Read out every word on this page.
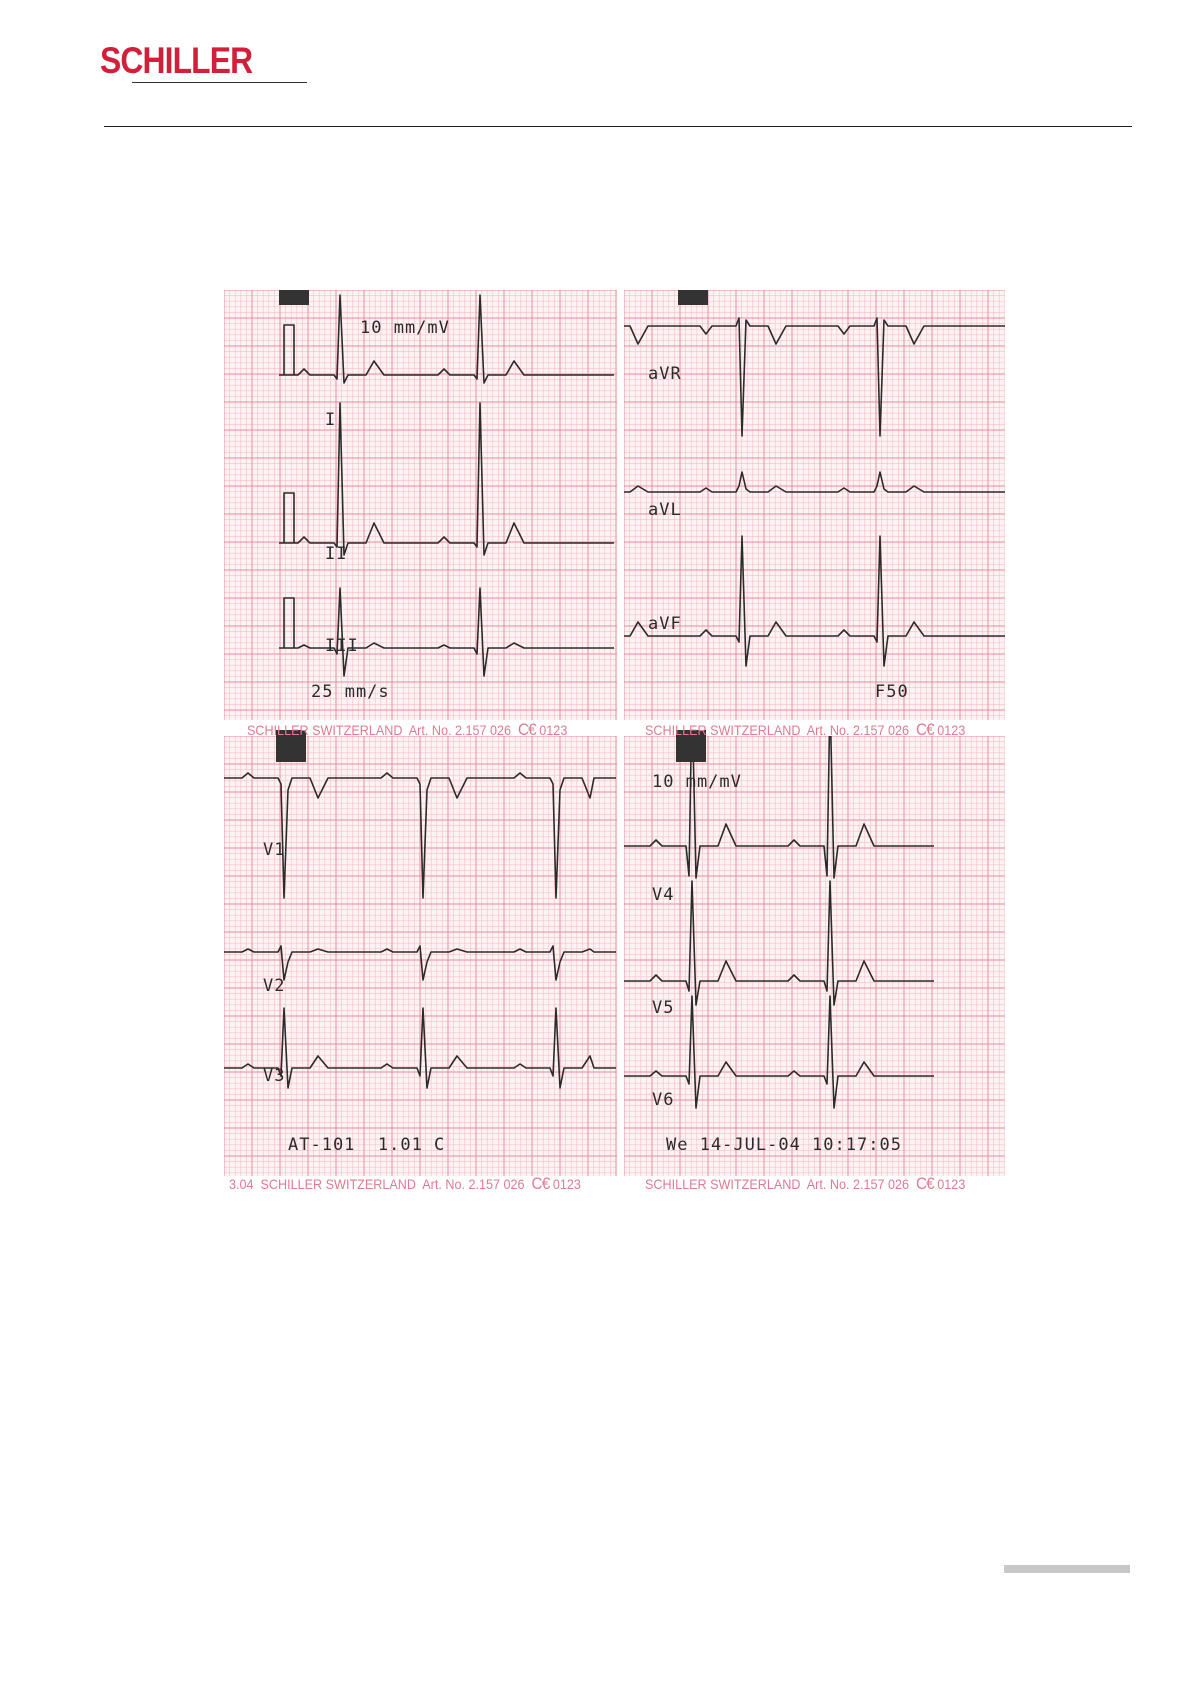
SCHILLER
10 mm/mV
I
II
III
25 mm/s
aVR
aVL
aVF
F50
V1
V2
V3
AT-101  1.01 C
10 mm/mV
V4
V5
V6
We 14-JUL-04 10:17:05

SCHILLER SWITZERLAND Art. No. 2.157 026 C€ 0123	SCHILLER SWITZERLAND Art. No. 2.157 026 C€ 0123

3.04 SCHILLER SWITZERLAND Art. No. 2.157 026 C€ 0123	SCHILLER SWITZERLAND Art. No. 2.157 026 C€ 0123
